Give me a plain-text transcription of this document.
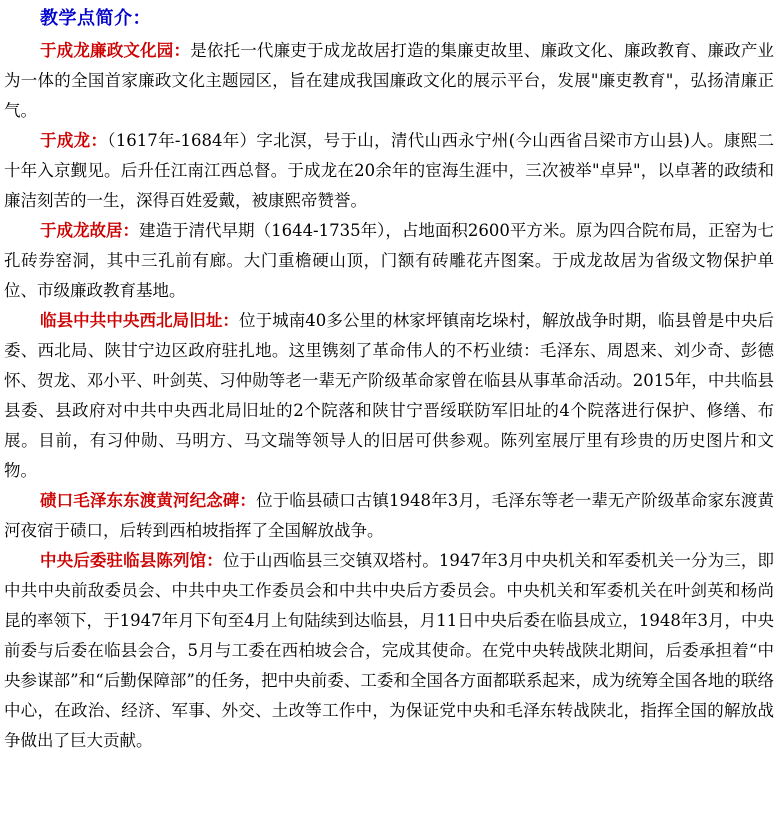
教学点简介：

于成龙廉政文化园：是依托一代廉吏于成龙故居打造的集廉吏故里、廉政文化、廉政教育、廉政产业为一体的全国首家廉政文化主题园区，旨在建成我国廉政文化的展示平台，发展"廉吏教育"，弘扬清廉正气。

于成龙：（1617年-1684年）字北溟，号于山，清代山西永宁州(今山西省吕梁市方山县)人。康熙二十年入京觐见。后升任江南江西总督。于成龙在20余年的宦海生涯中，三次被举"卓异"，以卓著的政绩和廉洁刻苦的一生，深得百姓爱戴，被康熙帝赞誉。

于成龙故居：建造于清代早期（1644-1735年），占地面积2600平方米。原为四合院布局，正窑为七孔砖券窑洞，其中三孔前有廊。大门重檐硬山顶，门额有砖雕花卉图案。于成龙故居为省级文物保护单位、市级廉政教育基地。

临县中共中央西北局旧址：位于城南40多公里的林家坪镇南圪垛村，解放战争时期，临县曾是中央后委、西北局、陕甘宁边区政府驻扎地。这里镌刻了革命伟人的不朽业绩：毛泽东、周恩来、刘少奇、彭德怀、贺龙、邓小平、叶剑英、习仲勋等老一辈无产阶级革命家曾在临县从事革命活动。2015年，中共临县县委、县政府对中共中央西北局旧址的2个院落和陕甘宁晋绥联防军旧址的4个院落进行保护、修缮、布展。目前，有习仲勋、马明方、马文瑞等领导人的旧居可供参观。陈列室展厅里有珍贵的历史图片和文物。

碛口毛泽东东渡黄河纪念碑：位于临县碛口古镇1948年3月，毛泽东等老一辈无产阶级革命家东渡黄河夜宿于碛口，后转到西柏坡指挥了全国解放战争。

中央后委驻临县陈列馆：位于山西临县三交镇双塔村。1947年3月中央机关和军委机关一分为三，即中共中央前敌委员会、中共中央工作委员会和中共中央后方委员会。中央机关和军委机关在叶剑英和杨尚昆的率领下，于1947年月下旬至4月上旬陆续到达临县，月11日中央后委在临县成立，1948年3月，中央前委与后委在临县会合，5月与工委在西柏坡会合，完成其使命。在党中央转战陕北期间，后委承担着“中央参谋部”和“后勤保障部”的任务，把中央前委、工委和全国各方面都联系起来，成为统筹全国各地的联络中心，在政治、经济、军事、外交、土改等工作中，为保证党中央和毛泽东转战陕北，指挥全国的解放战争做出了巨大贡献。
